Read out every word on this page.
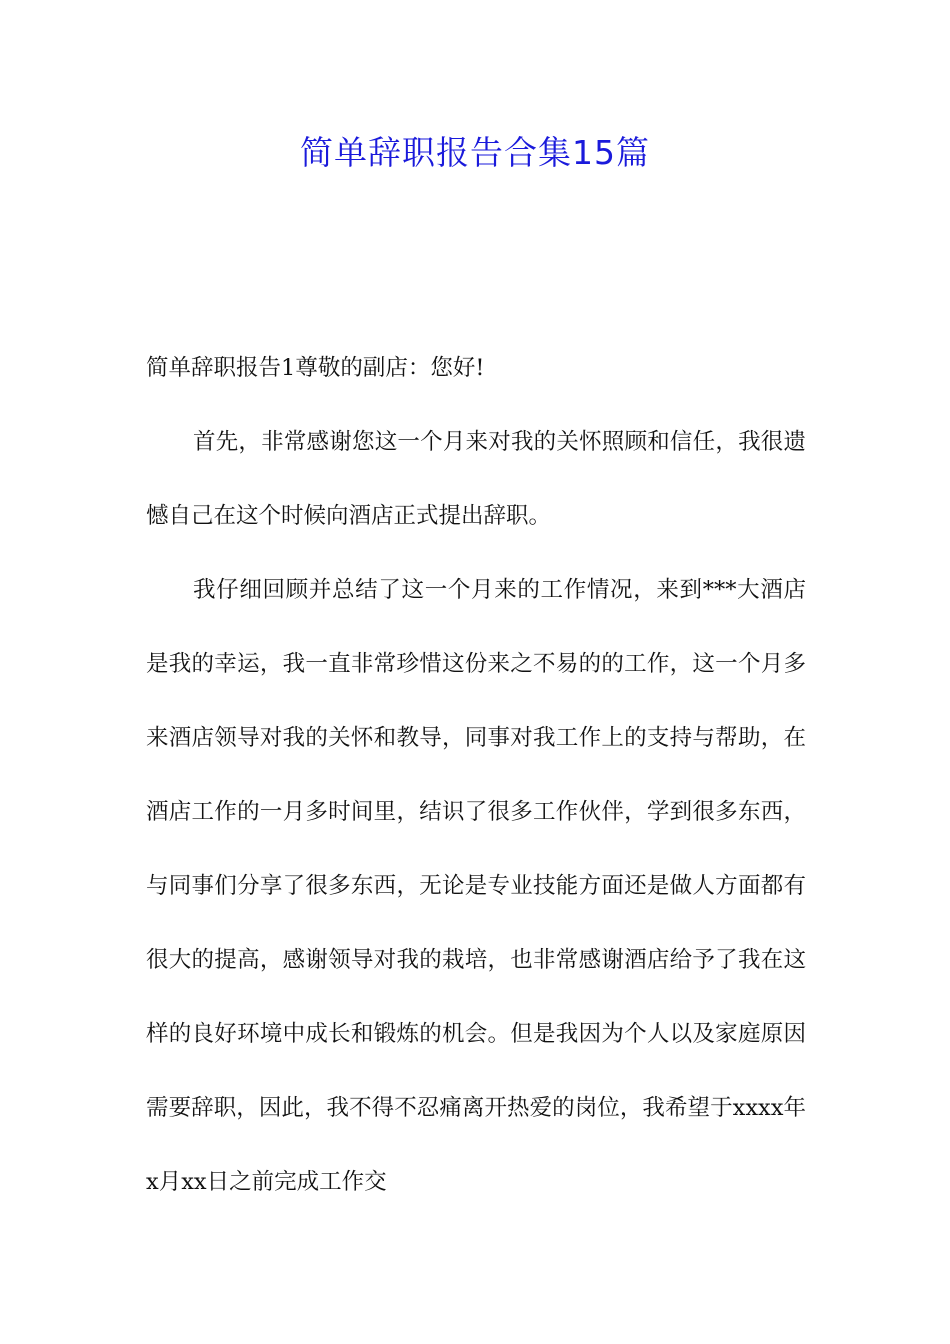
简单辞职报告合集15篇

简单辞职报告1尊敬的副店：您好!

首先，非常感谢您这一个月来对我的关怀照顾和信任，我很遗憾自己在这个时候向酒店正式提出辞职。

我仔细回顾并总结了这一个月来的工作情况，来到***大酒店是我的幸运，我一直非常珍惜这份来之不易的的工作，这一个月多来酒店领导对我的关怀和教导，同事对我工作上的支持与帮助，在酒店工作的一月多时间里，结识了很多工作伙伴，学到很多东西，与同事们分享了很多东西，无论是专业技能方面还是做人方面都有很大的提高，感谢领导对我的栽培，也非常感谢酒店给予了我在这样的良好环境中成长和锻炼的机会。但是我因为个人以及家庭原因需要辞职，因此，我不得不忍痛离开热爱的岗位，我希望于xxxx年x月xx日之前完成工作交
